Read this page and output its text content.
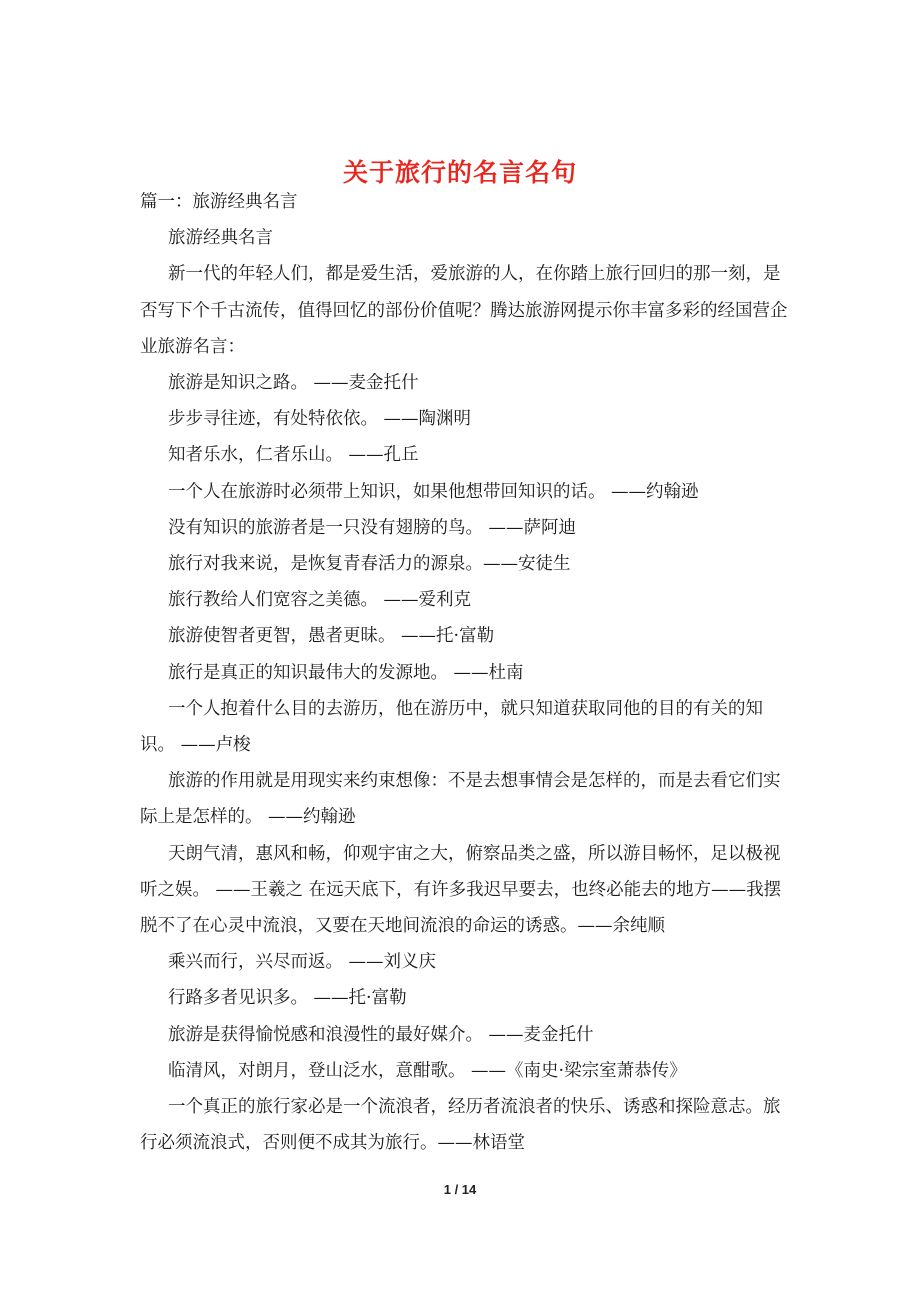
关于旅行的名言名句

篇一：旅游经典名言

旅游经典名言

新一代的年轻人们，都是爱生活，爱旅游的人，在你踏上旅行回归的那一刻，是否写下个千古流传，值得回忆的部份价值呢？腾达旅游网提示你丰富多彩的经国营企业旅游名言：

旅游是知识之路。 ——麦金托什

步步寻往迹，有处特依依。 ——陶渊明

知者乐水，仁者乐山。 ——孔丘

一个人在旅游时必须带上知识，如果他想带回知识的话。 ——约翰逊

没有知识的旅游者是一只没有翅膀的鸟。 ——萨阿迪

旅行对我来说，是恢复青春活力的源泉。——安徒生

旅行教给人们宽容之美德。 ——爱利克

旅游使智者更智，愚者更昧。 ——托·富勒

旅行是真正的知识最伟大的发源地。 ——杜南

一个人抱着什么目的去游历，他在游历中，就只知道获取同他的目的有关的知识。 ——卢梭

旅游的作用就是用现实来约束想像：不是去想事情会是怎样的，而是去看它们实际上是怎样的。 ——约翰逊

天朗气清，惠风和畅，仰观宇宙之大，俯察品类之盛，所以游目畅怀，足以极视听之娱。 ——王羲之 在远天底下，有许多我迟早要去，也终必能去的地方——我摆脱不了在心灵中流浪，又要在天地间流浪的命运的诱惑。——余纯顺

乘兴而行，兴尽而返。 ——刘义庆

行路多者见识多。 ——托·富勒

旅游是获得愉悦感和浪漫性的最好媒介。 ——麦金托什

临清风，对朗月，登山泛水，意酣歌。 ——《南史·梁宗室萧恭传》

一个真正的旅行家必是一个流浪者，经历者流浪者的快乐、诱惑和探险意志。旅行必须流浪式，否则便不成其为旅行。——林语堂

1 / 14
